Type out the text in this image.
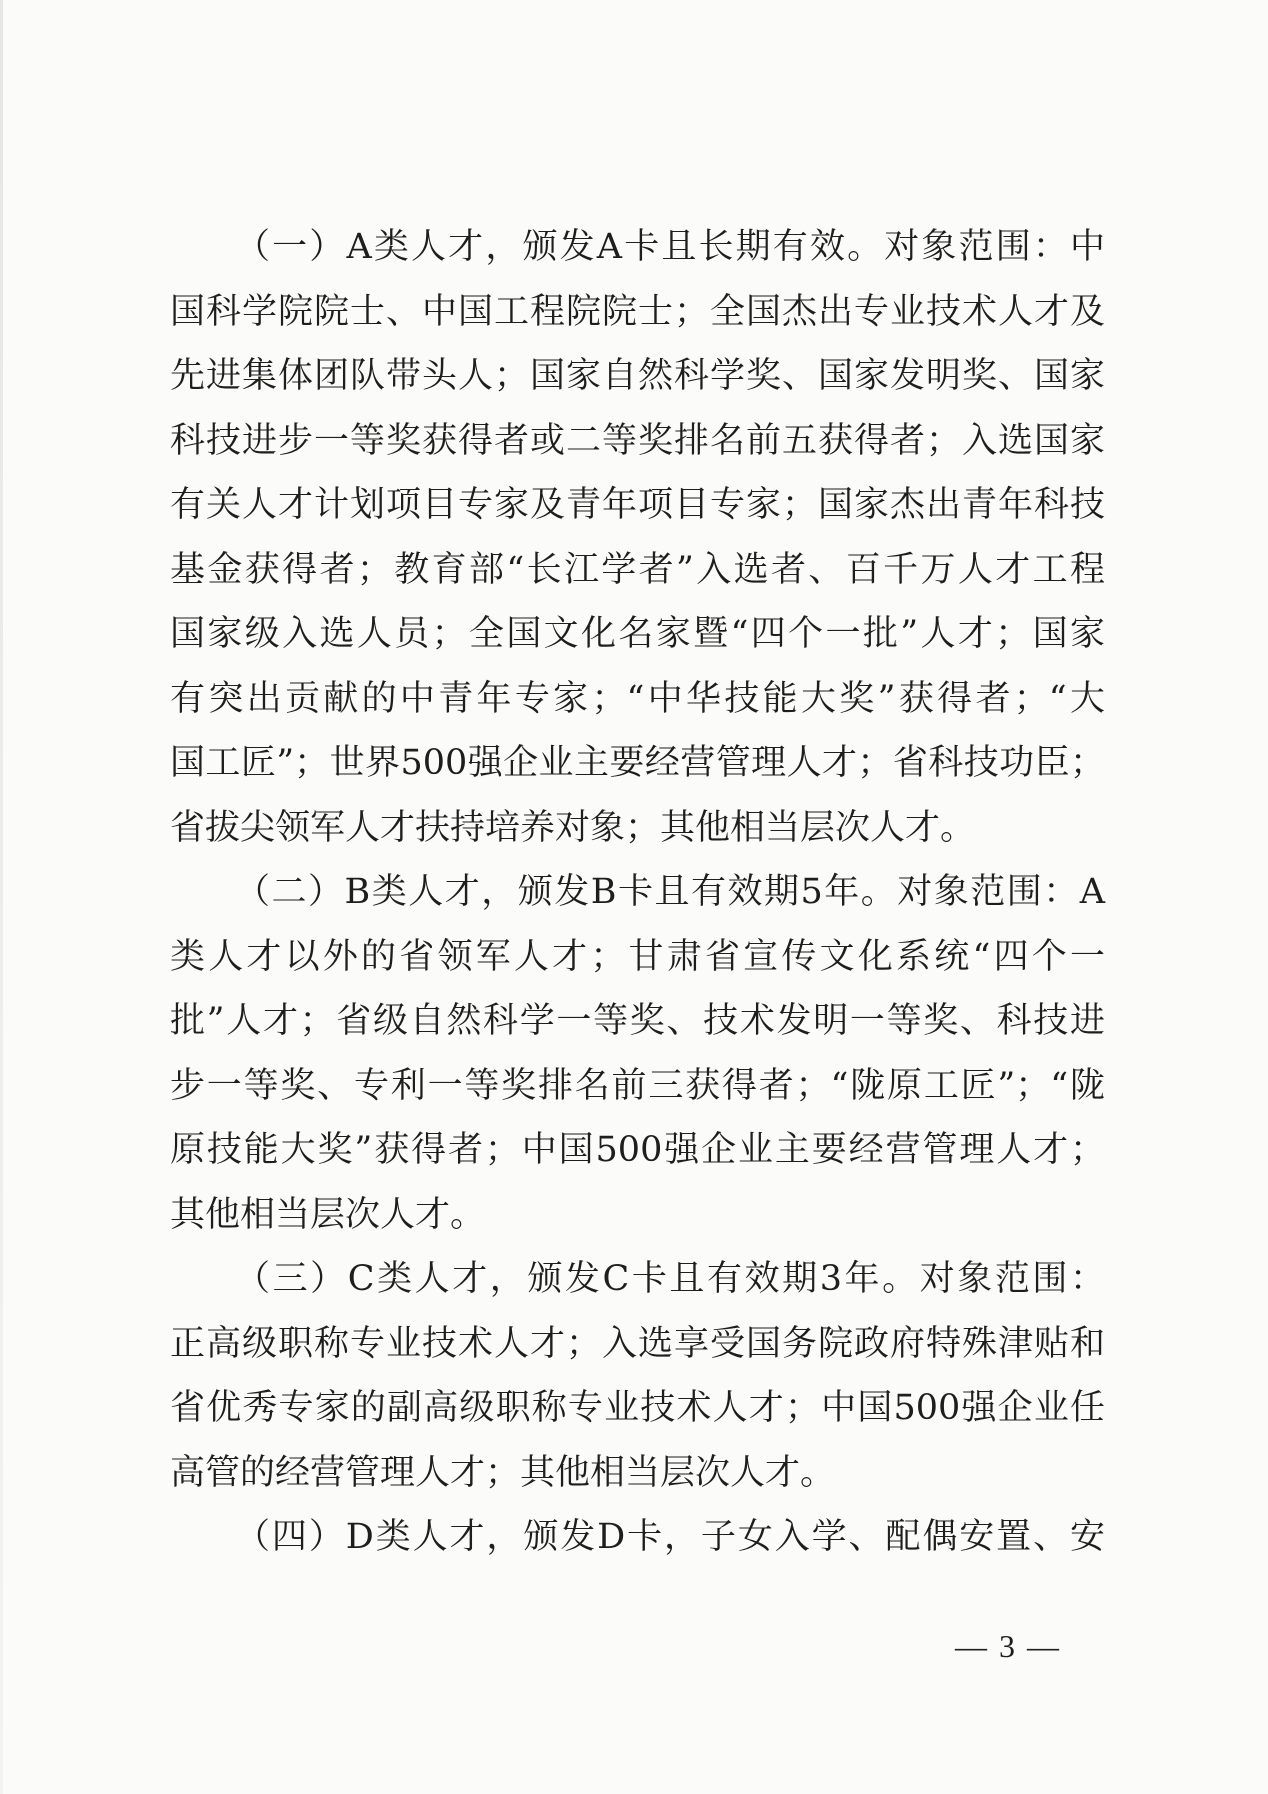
（一）A类人才，颁发A卡且长期有效。对象范围：中
国科学院院士、中国工程院院士；全国杰出专业技术人才及
先进集体团队带头人；国家自然科学奖、国家发明奖、国家
科技进步一等奖获得者或二等奖排名前五获得者；入选国家
有关人才计划项目专家及青年项目专家；国家杰出青年科技
基金获得者；教育部“长江学者”入选者、百千万人才工程
国家级入选人员；全国文化名家暨“四个一批”人才；国家
有突出贡献的中青年专家；“中华技能大奖”获得者；“大
国工匠”；世界500强企业主要经营管理人才；省科技功臣；
省拔尖领军人才扶持培养对象；其他相当层次人才。
（二）B类人才，颁发B卡且有效期5年。对象范围：A
类人才以外的省领军人才；甘肃省宣传文化系统“四个一
批”人才；省级自然科学一等奖、技术发明一等奖、科技进
步一等奖、专利一等奖排名前三获得者；“陇原工匠”；“陇
原技能大奖”获得者；中国500强企业主要经营管理人才；
其他相当层次人才。
（三）C类人才，颁发C卡且有效期3年。对象范围：
正高级职称专业技术人才；入选享受国务院政府特殊津贴和
省优秀专家的副高级职称专业技术人才；中国500强企业任
高管的经营管理人才；其他相当层次人才。
（四）D类人才，颁发D卡，子女入学、配偶安置、安
— 3 —
